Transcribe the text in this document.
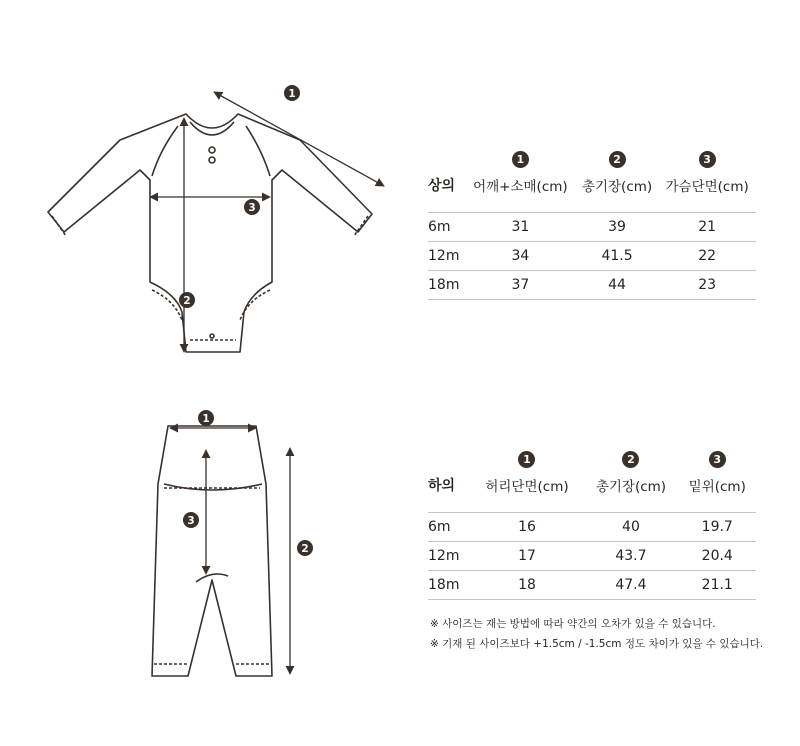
1
3
2
1
3
2
	1	2	3
상의	어깨+소매(cm)	총기장(cm)	가슴단면(cm)

6m	31	39	21
12m	34	41.5	22
18m	37	44	23
	1	2	3
하의	허리단면(cm)	총기장(cm)	밑위(cm)

6m	16	40	19.7
12m	17	43.7	20.4
18m	18	47.4	21.1
※ 사이즈는 재는 방법에 따라 약간의 오차가 있을 수 있습니다.
※ 기재 된 사이즈보다 +1.5cm / -1.5cm 정도 차이가 있을 수 있습니다.
